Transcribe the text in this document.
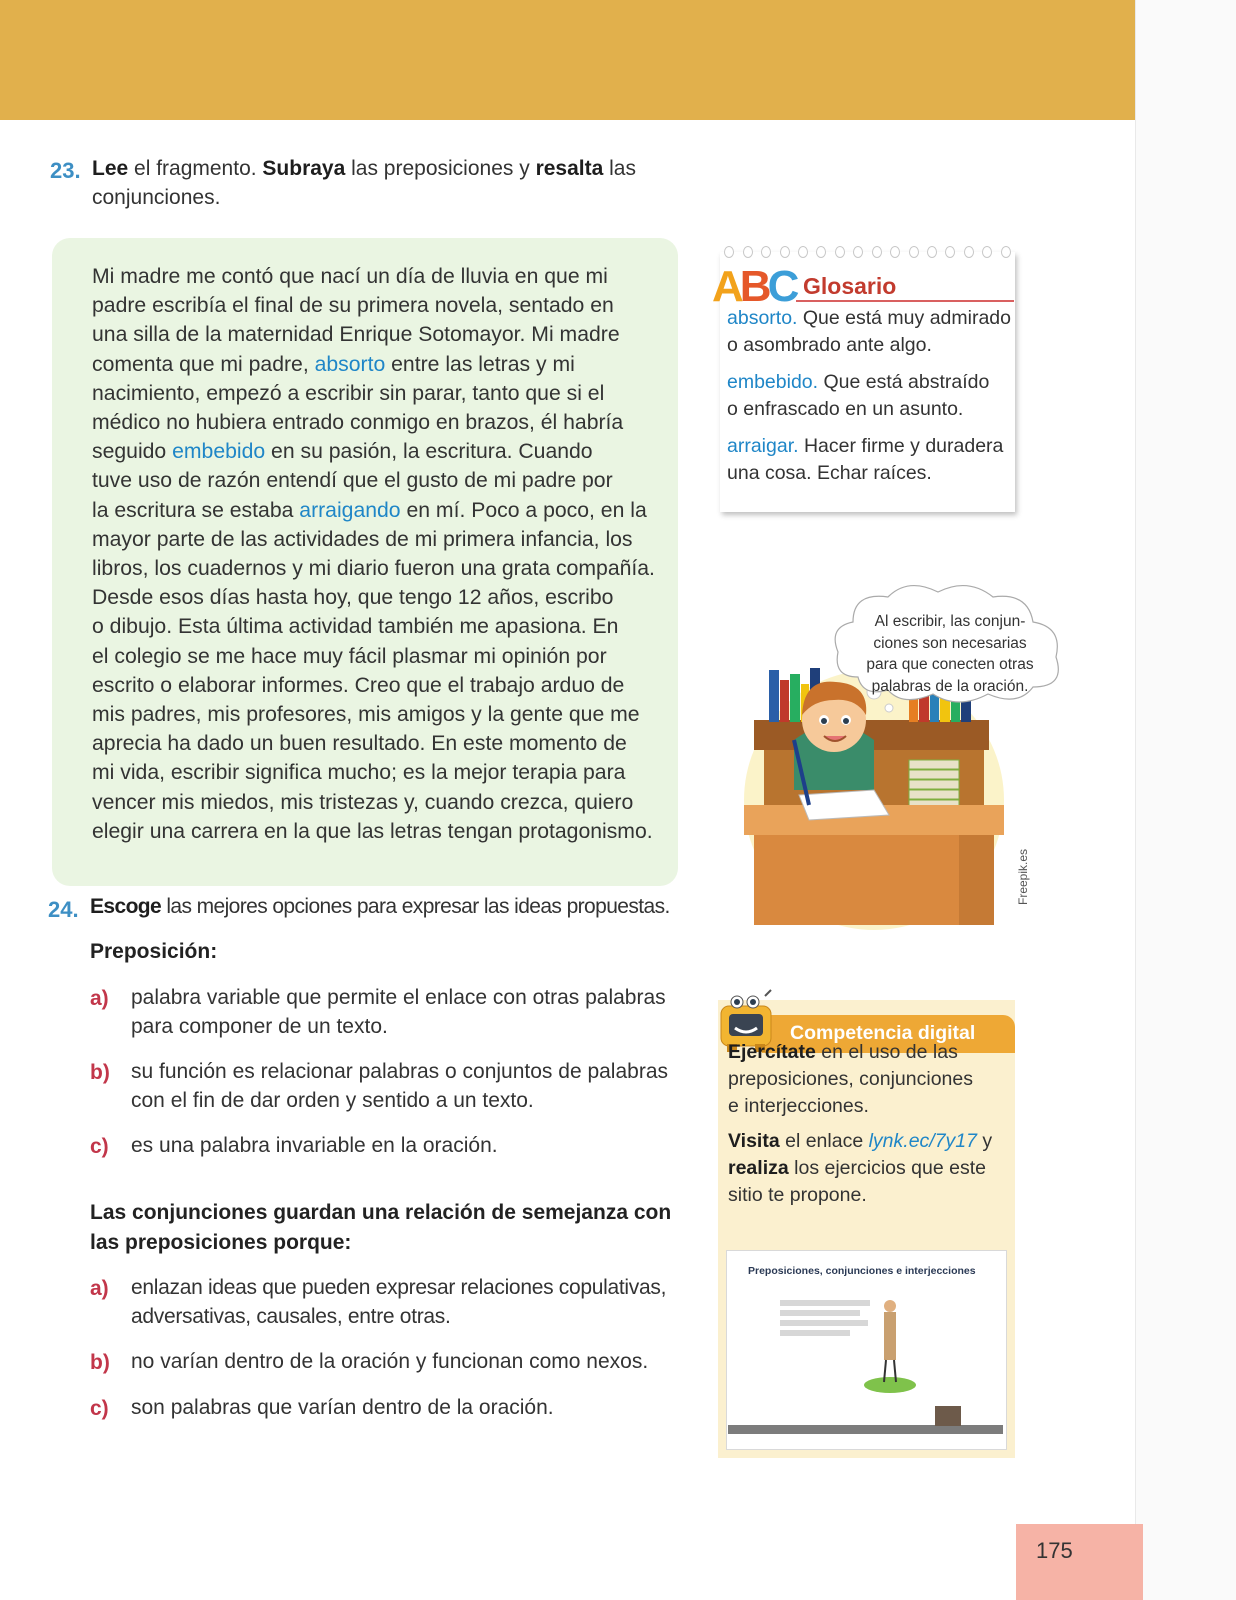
23. Lee el fragmento. Subraya las preposiciones y resalta las
conjunciones.
Mi madre me contó que nací un día de lluvia en que mi
padre escribía el final de su primera novela, sentado en
una silla de la maternidad Enrique Sotomayor. Mi madre
comenta que mi padre, absorto entre las letras y mi
nacimiento, empezó a escribir sin parar, tanto que si el
médico no hubiera entrado conmigo en brazos, él habría
seguido embebido en su pasión, la escritura. Cuando
tuve uso de razón entendí que el gusto de mi padre por
la escritura se estaba arraigando en mí. Poco a poco, en la
mayor parte de las actividades de mi primera infancia, los
libros, los cuadernos y mi diario fueron una grata compañía.
Desde esos días hasta hoy, que tengo 12 años, escribo
o dibujo. Esta última actividad también me apasiona. En
el colegio se me hace muy fácil plasmar mi opinión por
escrito o elaborar informes. Creo que el trabajo arduo de
mis padres, mis profesores, mis amigos y la gente que me
aprecia ha dado un buen resultado. En este momento de
mi vida, escribir significa mucho; es la mejor terapia para
vencer mis miedos, mis tristezas y, cuando crezca, quiero
elegir una carrera en la que las letras tengan protagonismo.
24. Escoge las mejores opciones para expresar las ideas propuestas.
Preposición:
a) palabra variable que permite el enlace con otras palabras
para componer de un texto.
b) su función es relacionar palabras o conjuntos de palabras
con el fin de dar orden y sentido a un texto.
c) es una palabra invariable en la oración.
Las conjunciones guardan una relación de semejanza con
las preposiciones porque:
a) enlazan ideas que pueden expresar relaciones copulativas,
adversativas, causales, entre otras.
b) no varían dentro de la oración y funcionan como nexos.
c) son palabras que varían dentro de la oración.
ABC Glosario
absorto. Que está muy admirado
o asombrado ante algo.
embebido. Que está abstraído
o enfrascado en un asunto.
arraigar. Hacer firme y duradera
una cosa. Echar raíces.
Al escribir, las conjun-
ciones son necesarias
para que conecten otras
palabras de la oración.
Freepik.es
Competencia digital
Ejercítate en el uso de las
preposiciones, conjunciones
e interjecciones.
Visita el enlace lynk.ec/7y17 y
realiza los ejercicios que este
sitio te propone.
Preposiciones, conjunciones e interjecciones
175
